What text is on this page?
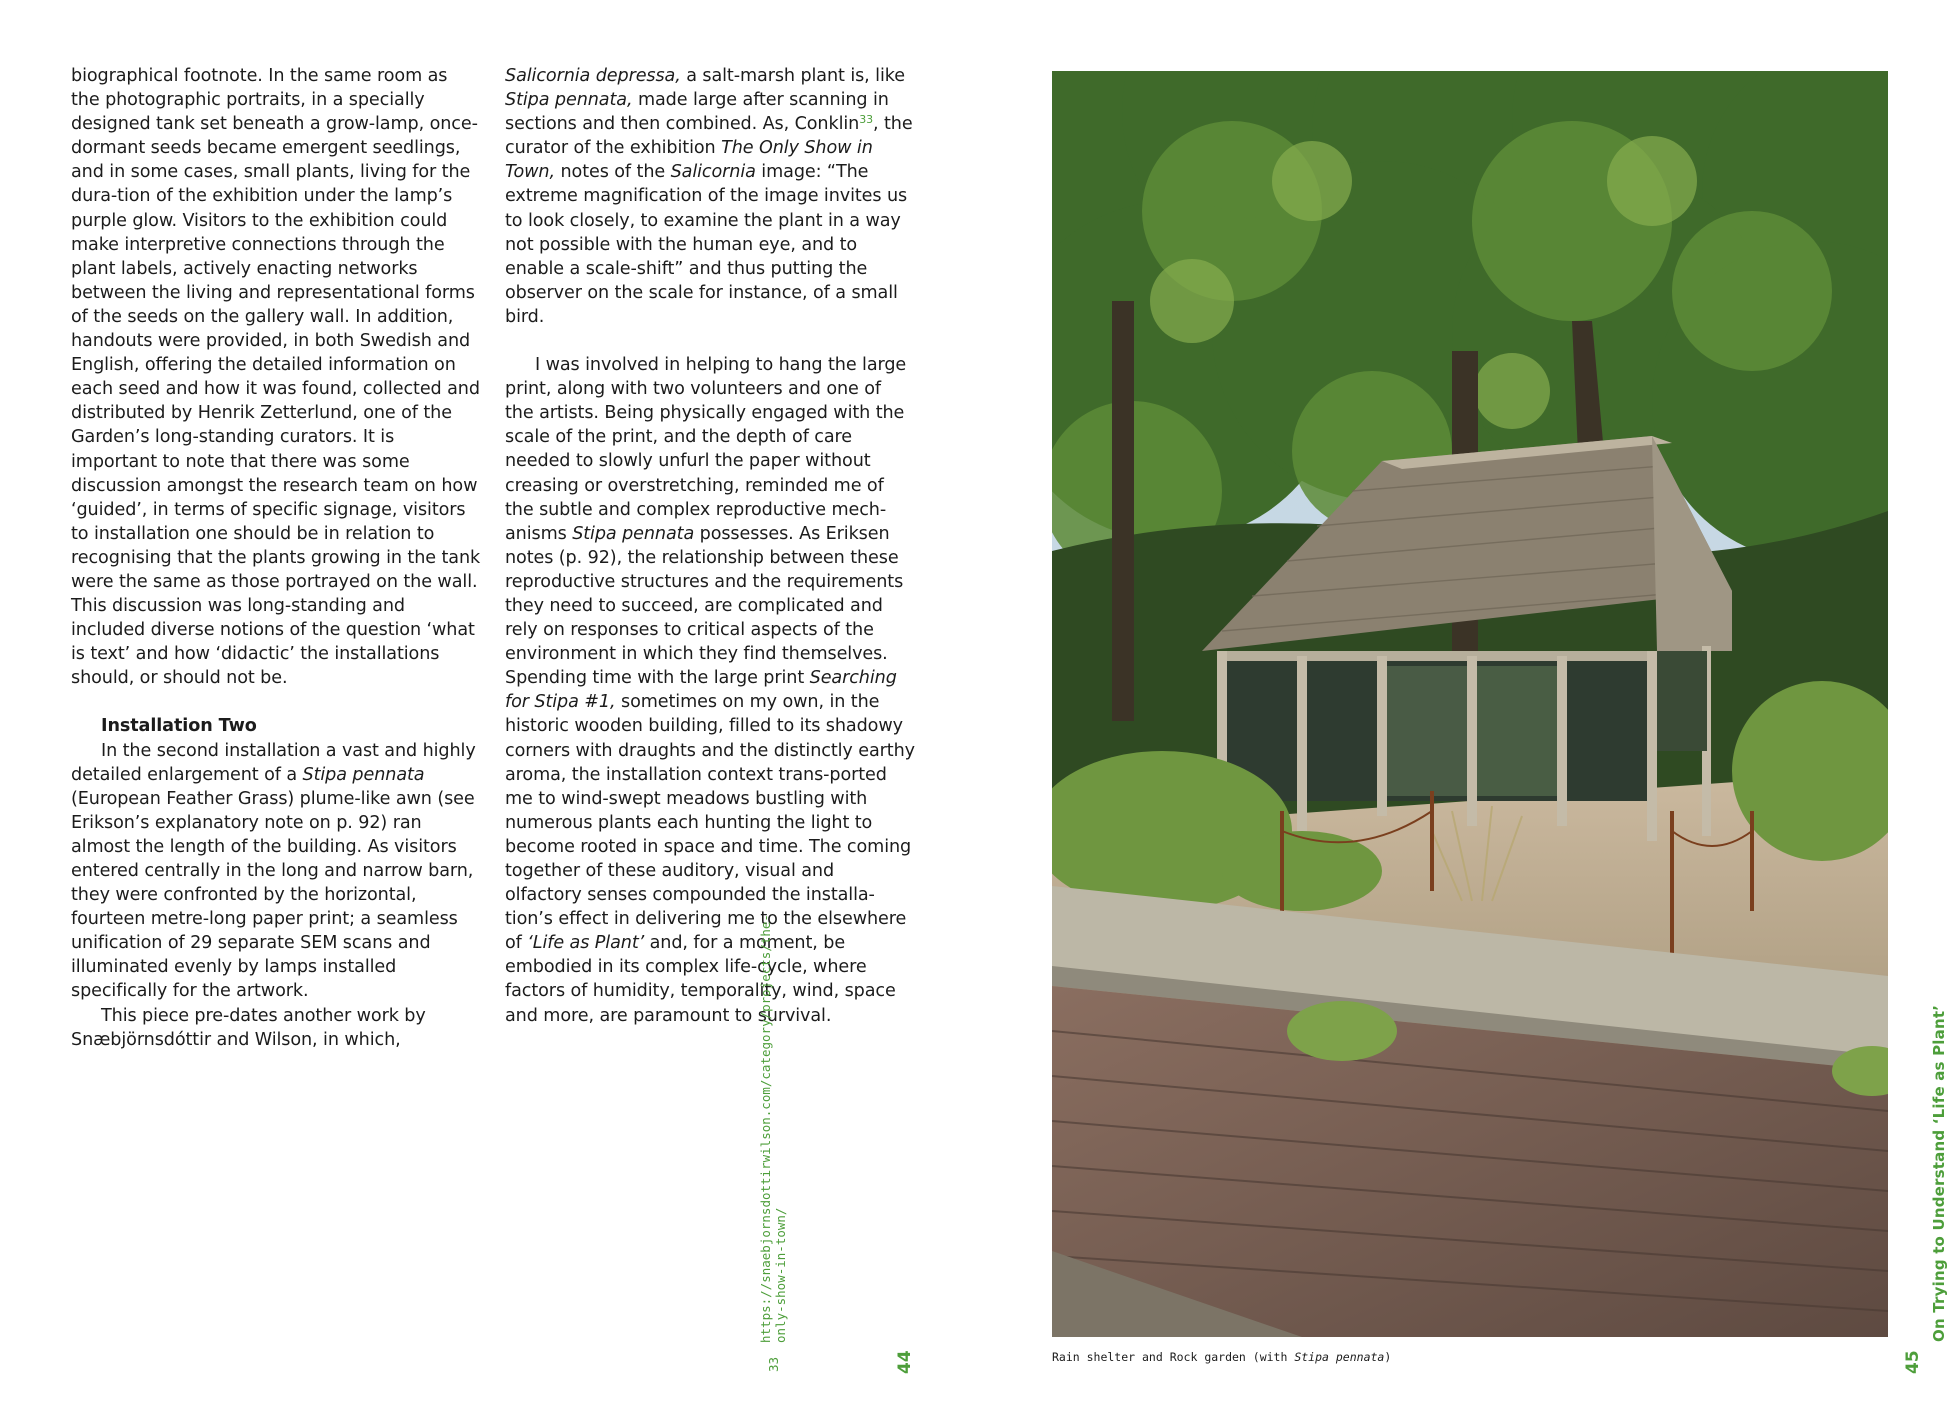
biographical footnote. In the same room as the photographic portraits, in a specially designed tank set beneath a grow-lamp, once-dormant seeds became emergent seedlings, and in some cases, small plants, living for the dura-tion of the exhibition under the lamp’s purple glow. Visitors to the exhibition could make interpretive connections through the plant labels, actively enacting networks between the living and representational forms of the seeds on the gallery wall. In addition, handouts were provided, in both Swedish and English, offering the detailed information on each seed and how it was found, collected and distributed by Henrik Zetterlund, one of the Garden’s long-standing curators. It is important to note that there was some discussion amongst the research team on how ‘guided’, in terms of specific signage, visitors to installation one should be in relation to recognising that the plants growing in the tank were the same as those portrayed on the wall. This discussion was long-standing and included diverse notions of the question ‘what is text’ and how ‘didactic’ the installations should, or should not be.

Installation Two

In the second installation a vast and highly detailed enlargement of a Stipa pennata (European Feather Grass) plume-like awn (see Erikson’s explanatory note on p. 92) ran almost the length of the building. As visitors entered centrally in the long and narrow barn, they were confronted by the horizontal, fourteen metre-long paper print; a seamless unification of 29 separate SEM scans and illuminated evenly by lamps installed specifically for the artwork.

This piece pre-dates another work by Snæbjörnsdóttir and Wilson, in which,

Salicornia depressa, a salt-marsh plant is, like Stipa pennata, made large after scanning in sections and then combined. As, Conklin$^{33}$, the curator of the exhibition The Only Show in Town, notes of the Salicornia image: “The extreme magnification of the image invites us to look closely, to examine the plant in a way not possible with the human eye, and to enable a scale-shift” and thus putting the observer on the scale for instance, of a small bird.

I was involved in helping to hang the large print, along with two volunteers and one of the artists. Being physically engaged with the scale of the print, and the depth of care needed to slowly unfurl the paper without creasing or overstretching, reminded me of the subtle and complex reproductive mech-anisms Stipa pennata possesses. As Eriksen notes (p. 92), the relationship between these reproductive structures and the requirements they need to succeed, are complicated and rely on responses to critical aspects of the environment in which they find themselves. Spending time with the large print Searching for Stipa #1, sometimes on my own, in the historic wooden building, filled to its shadowy corners with draughts and the distinctly earthy aroma, the installation context trans-ported me to wind-swept meadows bustling with numerous plants each hunting the light to become rooted in space and time. The coming together of these auditory, visual and olfactory senses compounded the installa-tion’s effect in delivering me to the elsewhere of ‘Life as Plant’ and, for a moment, be embodied in its complex life-cycle, where factors of humidity, temporality, wind, space and more, are paramount to survival.

33
https://snaebjornsdottirwilson.com/category/projects/the-only-show-in-town/
44	45
On Trying to Understand ‘Life as Plant’
Rain shelter and Rock garden (with Stipa pennata)
